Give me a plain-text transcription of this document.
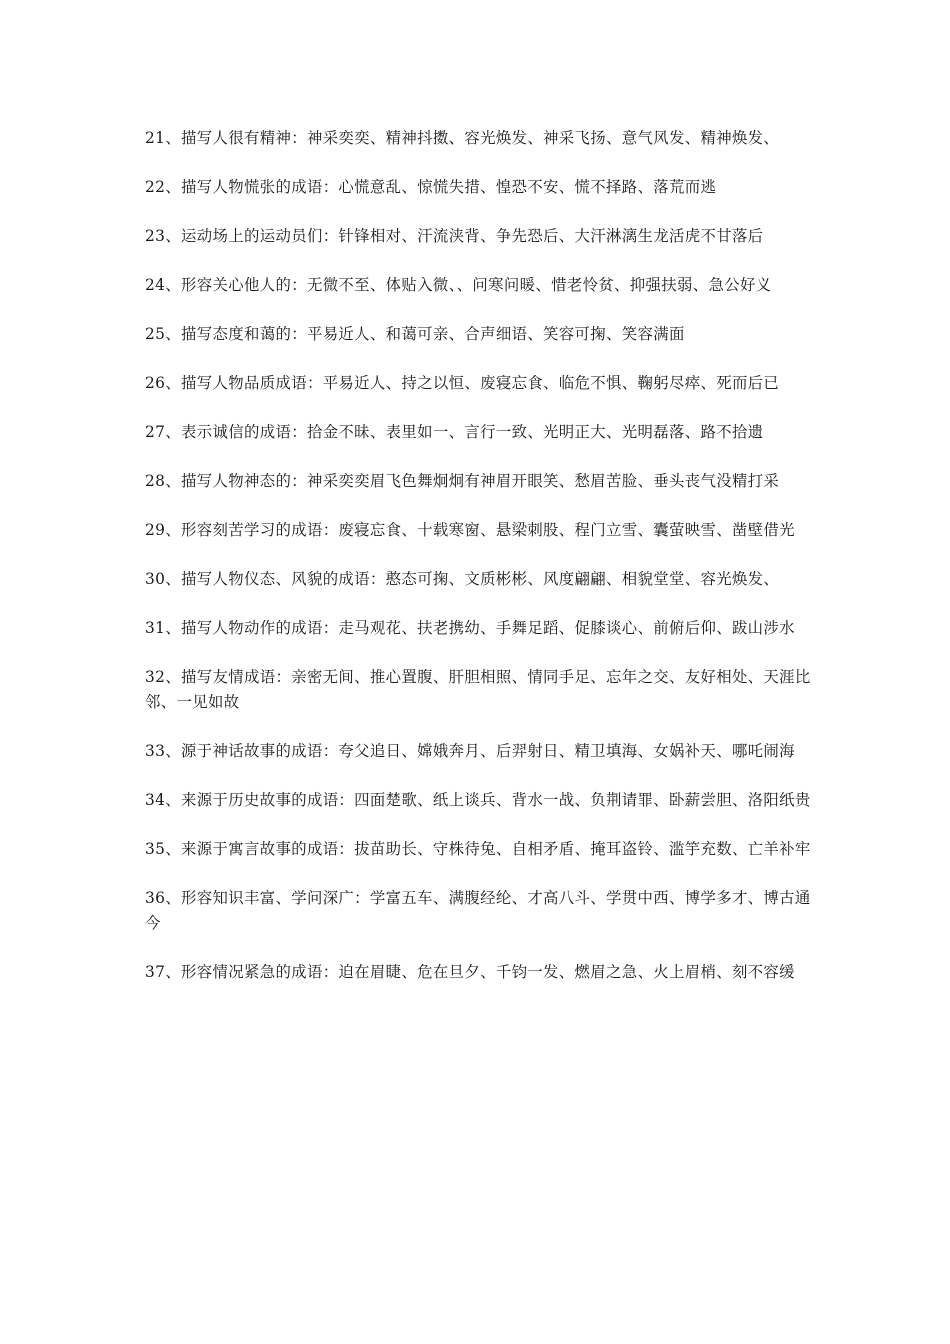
21、描写人很有精神：神采奕奕、精神抖擞、容光焕发、神采飞扬、意气风发、精神焕发、

22、描写人物慌张的成语：心慌意乱、惊慌失措、惶恐不安、慌不择路、落荒而逃

23、运动场上的运动员们：针锋相对、汗流浃背、争先恐后、大汗淋漓生龙活虎不甘落后

24、形容关心他人的：无微不至、体贴入微、、问寒问暖、惜老怜贫、抑强扶弱、急公好义

25、描写态度和蔼的：平易近人、和蔼可亲、合声细语、笑容可掬、笑容满面

26、描写人物品质成语：平易近人、持之以恒、废寝忘食、临危不惧、鞠躬尽瘁、死而后已

27、表示诚信的成语：拾金不昧、表里如一、言行一致、光明正大、光明磊落、路不拾遗

28、描写人物神态的：神采奕奕眉飞色舞炯炯有神眉开眼笑、愁眉苦脸、垂头丧气没精打采

29、形容刻苦学习的成语：废寝忘食、十载寒窗、悬梁刺股、程门立雪、囊萤映雪、凿壁借光

30、描写人物仪态、风貌的成语：憨态可掬、文质彬彬、风度翩翩、相貌堂堂、容光焕发、

31、描写人物动作的成语：走马观花、扶老携幼、手舞足蹈、促膝谈心、前俯后仰、跋山涉水

32、描写友情成语：亲密无间、推心置腹、肝胆相照、情同手足、忘年之交、友好相处、天涯比邻、一见如故

33、源于神话故事的成语：夸父追日、嫦娥奔月、后羿射日、精卫填海、女娲补天、哪吒闹海

34、来源于历史故事的成语：四面楚歌、纸上谈兵、背水一战、负荆请罪、卧薪尝胆、洛阳纸贵

35、来源于寓言故事的成语：拔苗助长、守株待兔、自相矛盾、掩耳盗铃、滥竽充数、亡羊补牢

36、形容知识丰富、学问深广：学富五车、满腹经纶、才高八斗、学贯中西、博学多才、博古通今

37、形容情况紧急的成语：迫在眉睫、危在旦夕、千钧一发、燃眉之急、火上眉梢、刻不容缓
